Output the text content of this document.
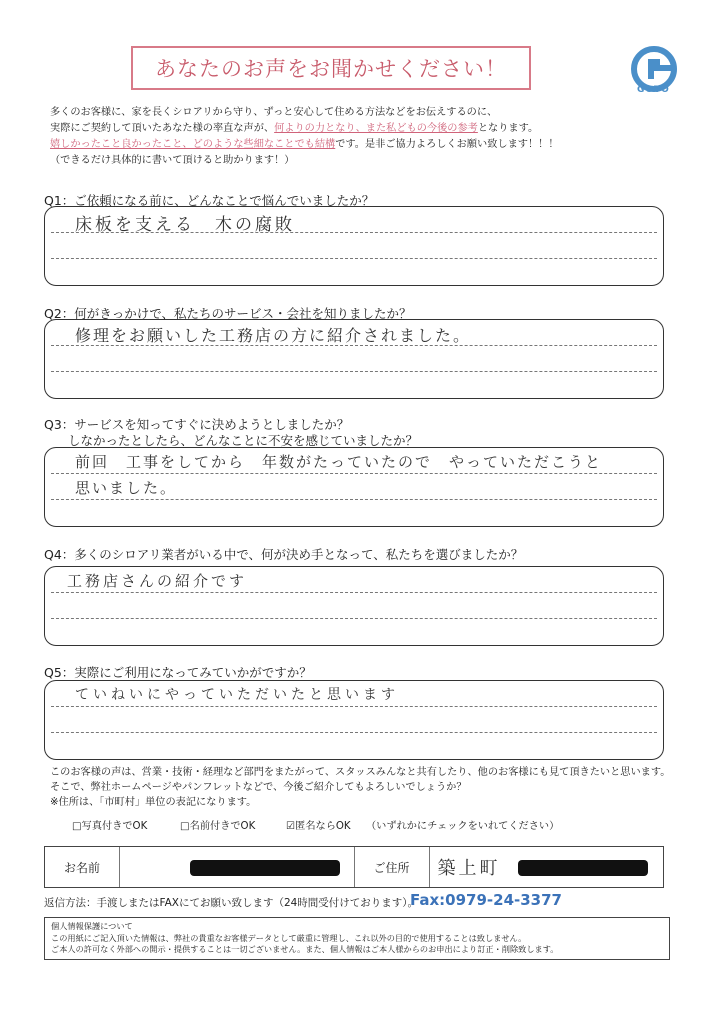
あなたのお声をお聞かせください！
GOTO
多くのお客様に、家を長くシロアリから守り、ずっと安心して住める方法などをお伝えするのに、
実際にご契約して頂いたあなた様の率直な声が、何よりの力となり、また私どもの今後の参考となります。
嬉しかったこと良かったこと、どのような些細なことでも結構です。是非ご協力よろしくお願い致します！！！
（できるだけ具体的に書いて頂けると助かります！）
Q1：ご依頼になる前に、どんなことで悩んでいましたか？
床板を支える　木の腐敗
Q2：何がきっかけで、私たちのサービス・会社を知りましたか？
修理をお願いした工務店の方に紹介されました。
Q3：サービスを知ってすぐに決めようとしましたか？
しなかったとしたら、どんなことに不安を感じていましたか？
前回　工事をしてから　年数がたっていたので　やっていただこうと
思いました。
Q4：多くのシロアリ業者がいる中で、何が決め手となって、私たちを選びましたか？
工務店さんの紹介です
Q5：実際にご利用になってみていかがですか？
ていねいにやっていただいたと思います
このお客様の声は、営業・技術・経理など部門をまたがって、スタッスみんなと共有したり、他のお客様にも見て頂きたいと思います。
そこで、弊社ホームページやパンフレットなどで、今後ご紹介してもよろしいでしょうか？
※住所は、「市町村」単位の表記になります。
□写真付きでOK	□名前付きでOK	☑匿名ならOK （いずれかにチェックをいれてください）
お名前	ご住所	築上町
返信方法：手渡しまたはFAXにてお願い致します（24時間受付けております）。
Fax:0979-24-3377
個人情報保護について
この用紙にご記入頂いた情報は、弊社の貴重なお客様データとして厳重に管理し、これ以外の目的で使用することは致しません。
ご本人の許可なく外部への開示・提供することは一切ございません。また、個人情報はご本人様からのお申出により訂正・削除致します。
